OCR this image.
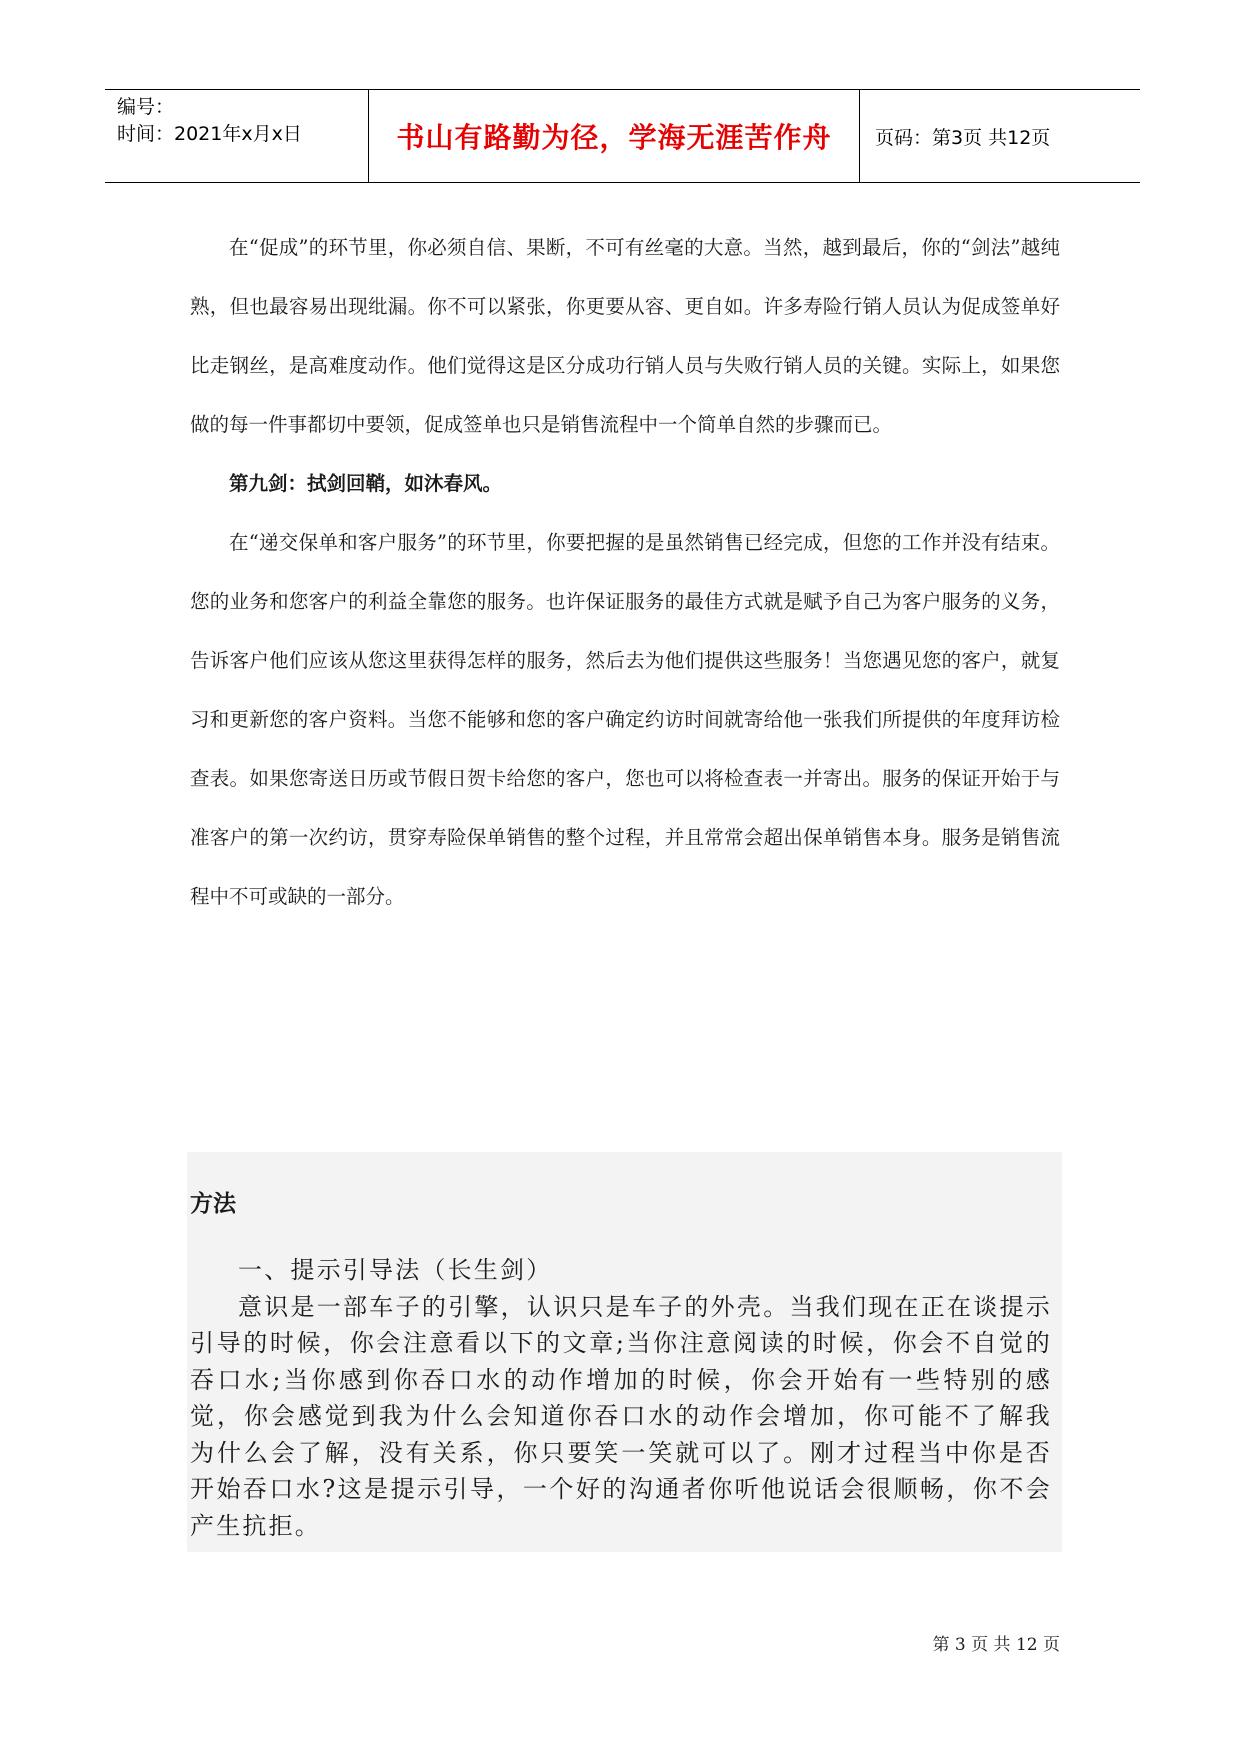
编号：
时间：2021年x月x日	书山有路勤为径，学海无涯苦作舟	页码：第3页 共12页

在“促成”的环节里，你必须自信、果断，不可有丝毫的大意。当然，越到最后，你的“剑法”越纯熟，但也最容易出现纰漏。你不可以紧张，你更要从容、更自如。许多寿险行销人员认为促成签单好比走钢丝，是高难度动作。他们觉得这是区分成功行销人员与失败行销人员的关键。实际上，如果您做的每一件事都切中要领，促成签单也只是销售流程中一个简单自然的步骤而已。

第九剑：拭剑回鞘，如沐春风。

在“递交保单和客户服务”的环节里，你要把握的是虽然销售已经完成，但您的工作并没有结束。您的业务和您客户的利益全靠您的服务。也许保证服务的最佳方式就是赋予自己为客户服务的义务，告诉客户他们应该从您这里获得怎样的服务，然后去为他们提供这些服务！当您遇见您的客户，就复习和更新您的客户资料。当您不能够和您的客户确定约访时间就寄给他一张我们所提供的年度拜访检查表。如果您寄送日历或节假日贺卡给您的客户，您也可以将检查表一并寄出。服务的保证开始于与准客户的第一次约访，贯穿寿险保单销售的整个过程，并且常常会超出保单销售本身。服务是销售流程中不可或缺的一部分。

方法

一、提示引导法（长生剑）

意识是一部车子的引擎，认识只是车子的外壳。当我们现在正在谈提示引导的时候，你会注意看以下的文章;当你注意阅读的时候，你会不自觉的吞口水;当你感到你吞口水的动作增加的时候，你会开始有一些特别的感觉，你会感觉到我为什么会知道你吞口水的动作会增加，你可能不了解我为什么会了解，没有关系，你只要笑一笑就可以了。刚才过程当中你是否开始吞口水?这是提示引导，一个好的沟通者你听他说话会很顺畅，你不会产生抗拒。

第 3 页 共 12 页
